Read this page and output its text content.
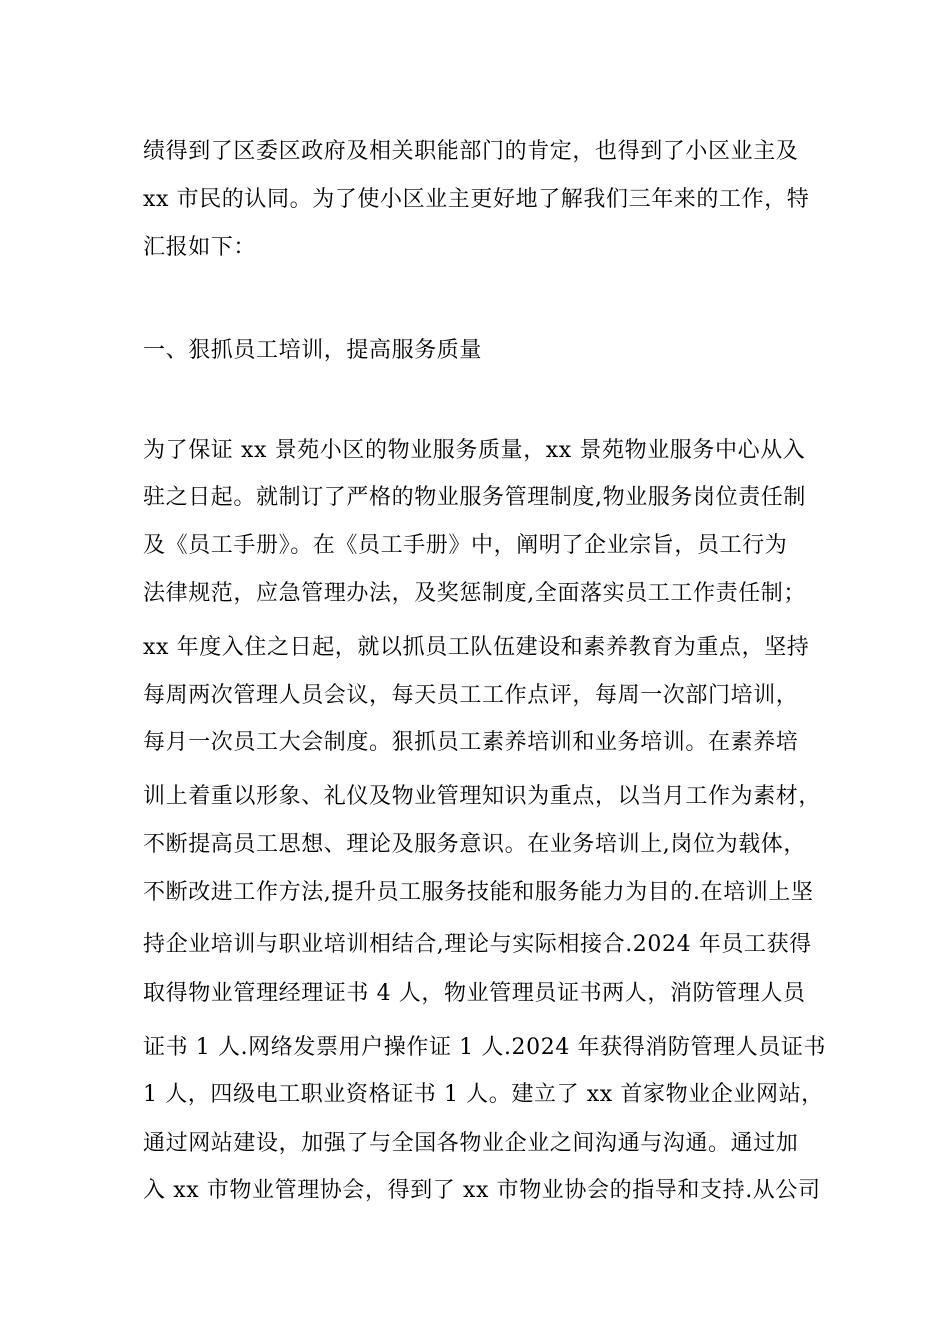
绩得到了区委区政府及相关职能部门的肯定，也得到了小区业主及
xx 市民的认同。为了使小区业主更好地了解我们三年来的工作，特
汇报如下：
一、狠抓员工培训，提高服务质量
为了保证 xx 景苑小区的物业服务质量，xx 景苑物业服务中心从入
驻之日起。就制订了严格的物业服务管理制度,物业服务岗位责任制
及《员工手册》。在《员工手册》中，阐明了企业宗旨，员工行为
法律规范，应急管理办法，及奖惩制度,全面落实员工工作责任制；
xx 年度入住之日起，就以抓员工队伍建设和素养教育为重点，坚持
每周两次管理人员会议，每天员工工作点评，每周一次部门培训，
每月一次员工大会制度。狠抓员工素养培训和业务培训。在素养培
训上着重以形象、礼仪及物业管理知识为重点，以当月工作为素材，
不断提高员工思想、理论及服务意识。在业务培训上,岗位为载体，
不断改进工作方法,提升员工服务技能和服务能力为目的.在培训上坚
持企业培训与职业培训相结合,理论与实际相接合.2024 年员工获得
取得物业管理经理证书 4 人，物业管理员证书两人，消防管理人员
证书 1 人.网络发票用户操作证 1 人.2024 年获得消防管理人员证书
1 人，四级电工职业资格证书 1 人。建立了 xx 首家物业企业网站，
通过网站建设，加强了与全国各物业企业之间沟通与沟通。通过加
入 xx 市物业管理协会，得到了 xx 市物业协会的指导和支持.从公司
